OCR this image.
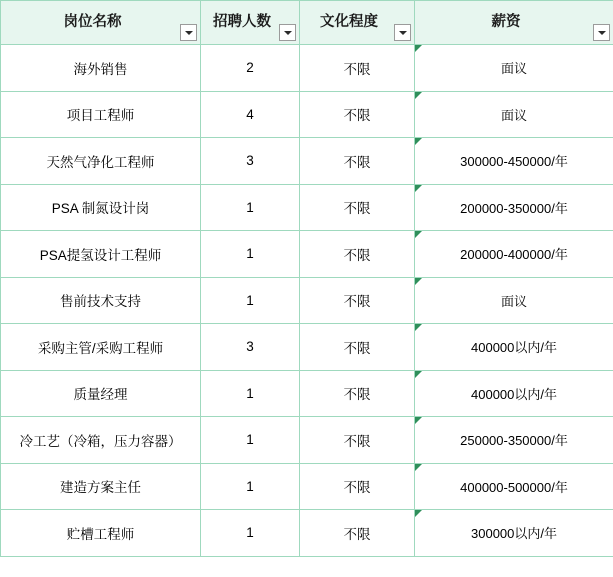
岗位名称	招聘人数	文化程度	薪资

海外销售	2	不限	面议
项目工程师	4	不限	面议
天然气净化工程师	3	不限	300000-450000/年
PSA 制氮设计岗	1	不限	200000-350000/年
PSA提氢设计工程师	1	不限	200000-400000/年
售前技术支持	1	不限	面议
采购主管/采购工程师	3	不限	400000以内/年
质量经理	1	不限	400000以内/年
冷工艺（冷箱，压力容器）	1	不限	250000-350000/年
建造方案主任	1	不限	400000-500000/年
贮槽工程师	1	不限	300000以内/年
